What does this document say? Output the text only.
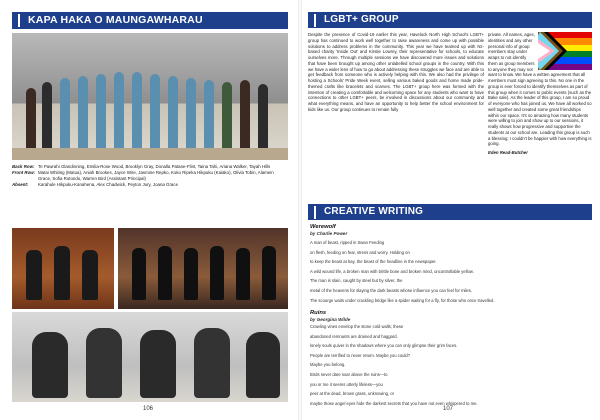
KAPA HAKA O MAUNGAWHARAU
Back Row: Te Pawrahi Glandinning, Emilia-Rose Wood, Brooklyn Gray, Donalla Patane-Flint, Taina Tahi, Ariana Walker, Tayah Hills
Front Row: Matai Whiting (Matua), Aniah Brookes, Jayce Wire, Jasmine Repko, Koko Ripeka Hikpuku (Kaiako), Olivia Tobin, Alamein Grace, Sofia Rotondo, Warren Bird (Assistant Principal)
Absent:	Karahule Hikpuku-Kanahena, Alex Chadwick, Peyton Jury, Joana Grace
106
LGBT+ GROUP
Despite the presence of Covid-19 earlier this year, Havelock North High School's LGBT+ group has continued to work well together to raise awareness and come up with possible solutions to address problems in the community. This year we have teamed up with Nz-based charity 'Inside Out' and Kirstie Lowrey, their representative for schools, to educate ourselves more. Through multiple sessions we have discovered more issues and solutions that have been brought up among other unlabelled school groups in the country. With this we have a wider lens of how to go about addressing these struggles we face and are able to get feedback from someone who is actively helping with this. We also had the privilege of hosting a Schools' Pride Week event, selling various baked goods and home made pride-themed crafts like bracelets and scarves. The LGBT+ group here was formed with the intention of creating a comfortable and welcoming space for any students who want to have connections to other LGBT+ peers, be involved in discussions about our community and what everything means, and have an opportunity to help better the school environment for kids like us. Our group continues to remain fully
private. All names, ages, identities and any other personal info of group members stay under wraps to not identify them as group members to anyone they may not want to know. We have a written agreement that all members must sign agreeing to this. No one in the group is ever forced to identify themselves as part of this group when it comes to public events (such as the Bake sale). As the leader of this group, I am so proud of everyone who has joined us. We have all worked so well together and created some great friendships within our space. It's so amazing how many students were willing to join and show up to our sessions, it really shows how progressive and supportive the students at our school are. Leading this group is such a blessing; I couldn't be happier with how everything is going.
Eden Read-Butcher
CREATIVE WRITING
Werewolf
by Charlie Power
A man of beast, ripped in Swan Feeding
on flesh, feeding on fear, stress and worry. Holding on
to keep the beast at bay, the beast of the headline in the newspaper.
A wild wound life, a broken man with brittle bone and broken mind, uncontrollable yellow.
The man is slain, caught by steel but by silver, the
metal of the heavens for slaying the dark beasts whose influence you can feel for miles.
The scourge waits under crackling bridge like a spider waiting for a fly, for those who once travelled.
Ruins
by Georgina Wilde
Crawling vines envelop the stone cold walls; these
abandoned remnants are drained and haggard.
lonely souls quiver in the shadows where you can only glimpse their grim faces.
People are terrified to never return. Maybe you could?
Maybe you belong.
Birds never dare soar above the ruins—to
you or me it seems utterly lifeless—you
peer at the dead, brown grass, unknowing, or
maybe those angel eyes hide the darkest secrets that you have not even whispered to me.
107
